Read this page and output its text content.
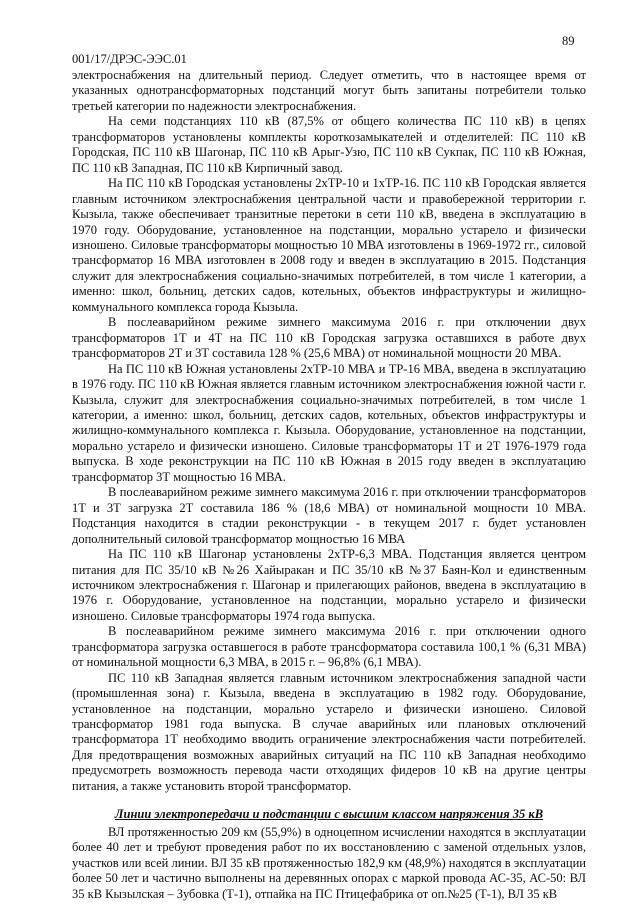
89
001/17/ДРЭС-ЭЭС.01

электроснабжения на длительный период. Следует отметить, что в настоящее время от указанных однотрансформаторных подстанций могут быть запитаны потребители только третьей категории по надежности электроснабжения.

На семи подстанциях 110 кВ (87,5% от общего количества ПС 110 кВ) в цепях трансформаторов установлены комплекты короткозамыкателей и отделителей: ПС 110 кВ Городская, ПС 110 кВ Шагонар, ПС 110 кВ Арыг-Узю, ПС 110 кВ Сукпак, ПС 110 кВ Южная, ПС 110 кВ Западная, ПС 110 кВ Кирпичный завод.

На ПС 110 кВ Городская установлены 2хТР-10 и 1хТР-16. ПС 110 кВ Городская является главным источником электроснабжения центральной части и правобережной территории г. Кызыла, также обеспечивает транзитные перетоки в сети 110 кВ, введена в эксплуатацию в 1970 году. Оборудование, установленное на подстанции, морально устарело и физически изношено. Силовые трансформаторы мощностью 10 МВА изготовлены в 1969-1972 гг., силовой трансформатор 16 МВА изготовлен в 2008 году и введен в эксплуатацию в 2015. Подстанция служит для электроснабжения социально-значимых потребителей, в том числе 1 категории, а именно: школ, больниц, детских садов, котельных, объектов инфраструктуры и жилищно-коммунального комплекса города Кызыла.

В послеаварийном режиме зимнего максимума 2016 г. при отключении двух трансформаторов 1Т и 4Т на ПС 110 кВ Городская загрузка оставшихся в работе двух трансформаторов 2Т и 3Т составила 128 % (25,6 МВА) от номинальной мощности 20 МВА.

На ПС 110 кВ Южная установлены 2хТР-10 МВА и ТР-16 МВА, введена в эксплуатацию в 1976 году. ПС 110 кВ Южная является главным источником электроснабжения южной части г. Кызыла, служит для электроснабжения социально-значимых потребителей, в том числе 1 категории, а именно: школ, больниц, детских садов, котельных, объектов инфраструктуры и жилищно-коммунального комплекса г. Кызыла. Оборудование, установленное на подстанции, морально устарело и физически изношено. Силовые трансформаторы 1Т и 2Т 1976-1979 года выпуска. В ходе реконструкции на ПС 110 кВ Южная в 2015 году введен в эксплуатацию трансформатор 3Т мощностью 16 МВА.

В послеаварийном режиме зимнего максимума 2016 г. при отключении трансформаторов 1Т и 3Т загрузка 2Т составила 186 % (18,6 МВА) от номинальной мощности 10 МВА. Подстанция находится в стадии реконструкции - в текущем 2017 г. будет установлен дополнительный силовой трансформатор мощностью 16 МВА

На ПС 110 кВ Шагонар установлены 2хТР-6,3 МВА. Подстанция является центром питания для ПС 35/10 кВ №26 Хайыракан и ПС 35/10 кВ №37 Баян-Кол и единственным источником электроснабжения г. Шагонар и прилегающих районов, введена в эксплуатацию в 1976 г. Оборудование, установленное на подстанции, морально устарело и физически изношено. Силовые трансформаторы 1974 года выпуска.

В послеаварийном режиме зимнего максимума 2016 г. при отключении одного трансформатора загрузка оставшегося в работе трансформатора составила 100,1 % (6,31 МВА) от номинальной мощности 6,3 МВА, в 2015 г. – 96,8% (6,1 МВА).

ПС 110 кВ Западная является главным источником электроснабжения западной части (промышленная зона) г. Кызыла, введена в эксплуатацию в 1982 году. Оборудование, установленное на подстанции, морально устарело и физически изношено. Силовой трансформатор 1981 года выпуска. В случае аварийных или плановых отключений трансформатора 1Т необходимо вводить ограничение электроснабжения части потребителей. Для предотвращения возможных аварийных ситуаций на ПС 110 кВ Западная необходимо предусмотреть возможность перевода части отходящих фидеров 10 кВ на другие центры питания, а также установить второй трансформатор.

Линии электропередачи и подстанции с высшим классом напряжения 35 кВ

ВЛ протяженностью 209 км (55,9%) в одноцепном исчислении находятся в эксплуатации более 40 лет и требуют проведения работ по их восстановлению с заменой отдельных узлов, участков или всей линии. ВЛ 35 кВ протяженностью 182,9 км (48,9%) находятся в эксплуатации более 50 лет и частично выполнены на деревянных опорах с маркой провода АС-35, АС-50: ВЛ 35 кВ Кызылская – Зубовка (Т-1), отпайка на ПС Птицефабрика от оп.№25 (Т-1), ВЛ 35 кВ
